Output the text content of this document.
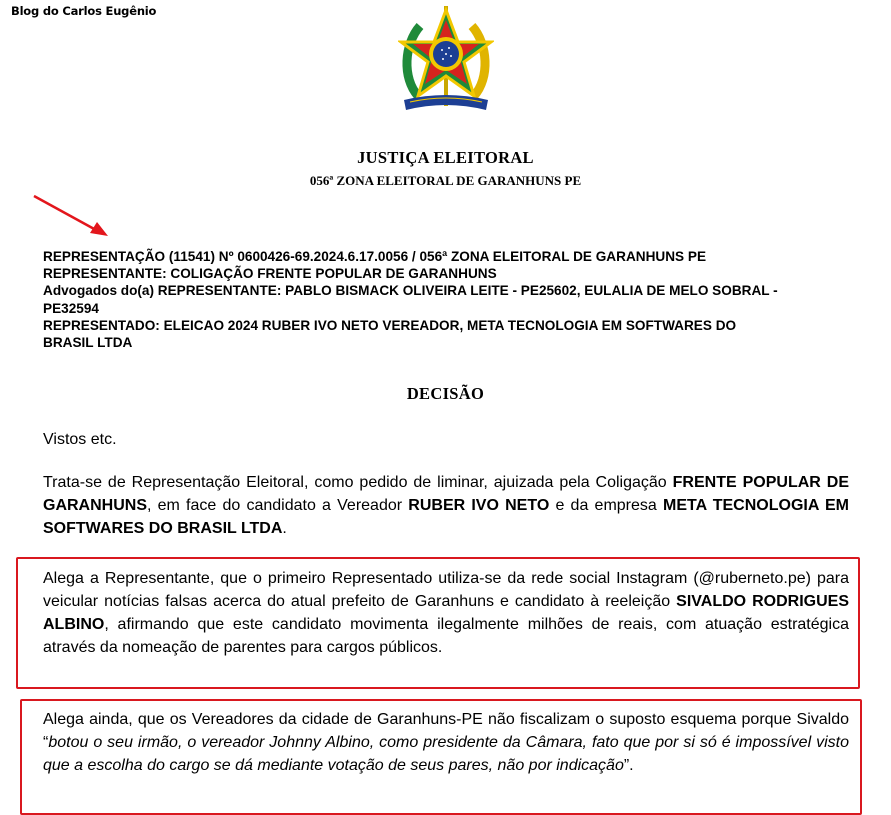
Blog do Carlos Eugênio
JUSTIÇA ELEITORAL
056ª ZONA ELEITORAL DE GARANHUNS PE
REPRESENTAÇÃO (11541) Nº 0600426-69.2024.6.17.0056 / 056ª ZONA ELEITORAL DE GARANHUNS PE
REPRESENTANTE: COLIGAÇÃO FRENTE POPULAR DE GARANHUNS
Advogados do(a) REPRESENTANTE: PABLO BISMACK OLIVEIRA LEITE - PE25602, EULALIA DE MELO SOBRAL -
PE32594
REPRESENTADO: ELEICAO 2024 RUBER IVO NETO VEREADOR, META TECNOLOGIA EM SOFTWARES DO
BRASIL LTDA
DECISÃO
Vistos etc.
Trata-se de Representação Eleitoral, como pedido de liminar, ajuizada pela Coligação FRENTE POPULAR DE GARANHUNS, em face do candidato a Vereador RUBER IVO NETO e da empresa META TECNOLOGIA EM SOFTWARES DO BRASIL LTDA.
Alega a Representante, que o primeiro Representado utiliza-se da rede social Instagram (@ruberneto.pe) para veicular notícias falsas acerca do atual prefeito de Garanhuns e candidato à reeleição SIVALDO RODRIGUES ALBINO, afirmando que este candidato movimenta ilegalmente milhões de reais, com atuação estratégica através da nomeação de parentes para cargos públicos.
Alega ainda, que os Vereadores da cidade de Garanhuns-PE não fiscalizam o suposto esquema porque Sivaldo “botou o seu irmão, o vereador Johnny Albino, como presidente da Câmara, fato que por si só é impossível visto que a escolha do cargo se dá mediante votação de seus pares, não por indicação”.
